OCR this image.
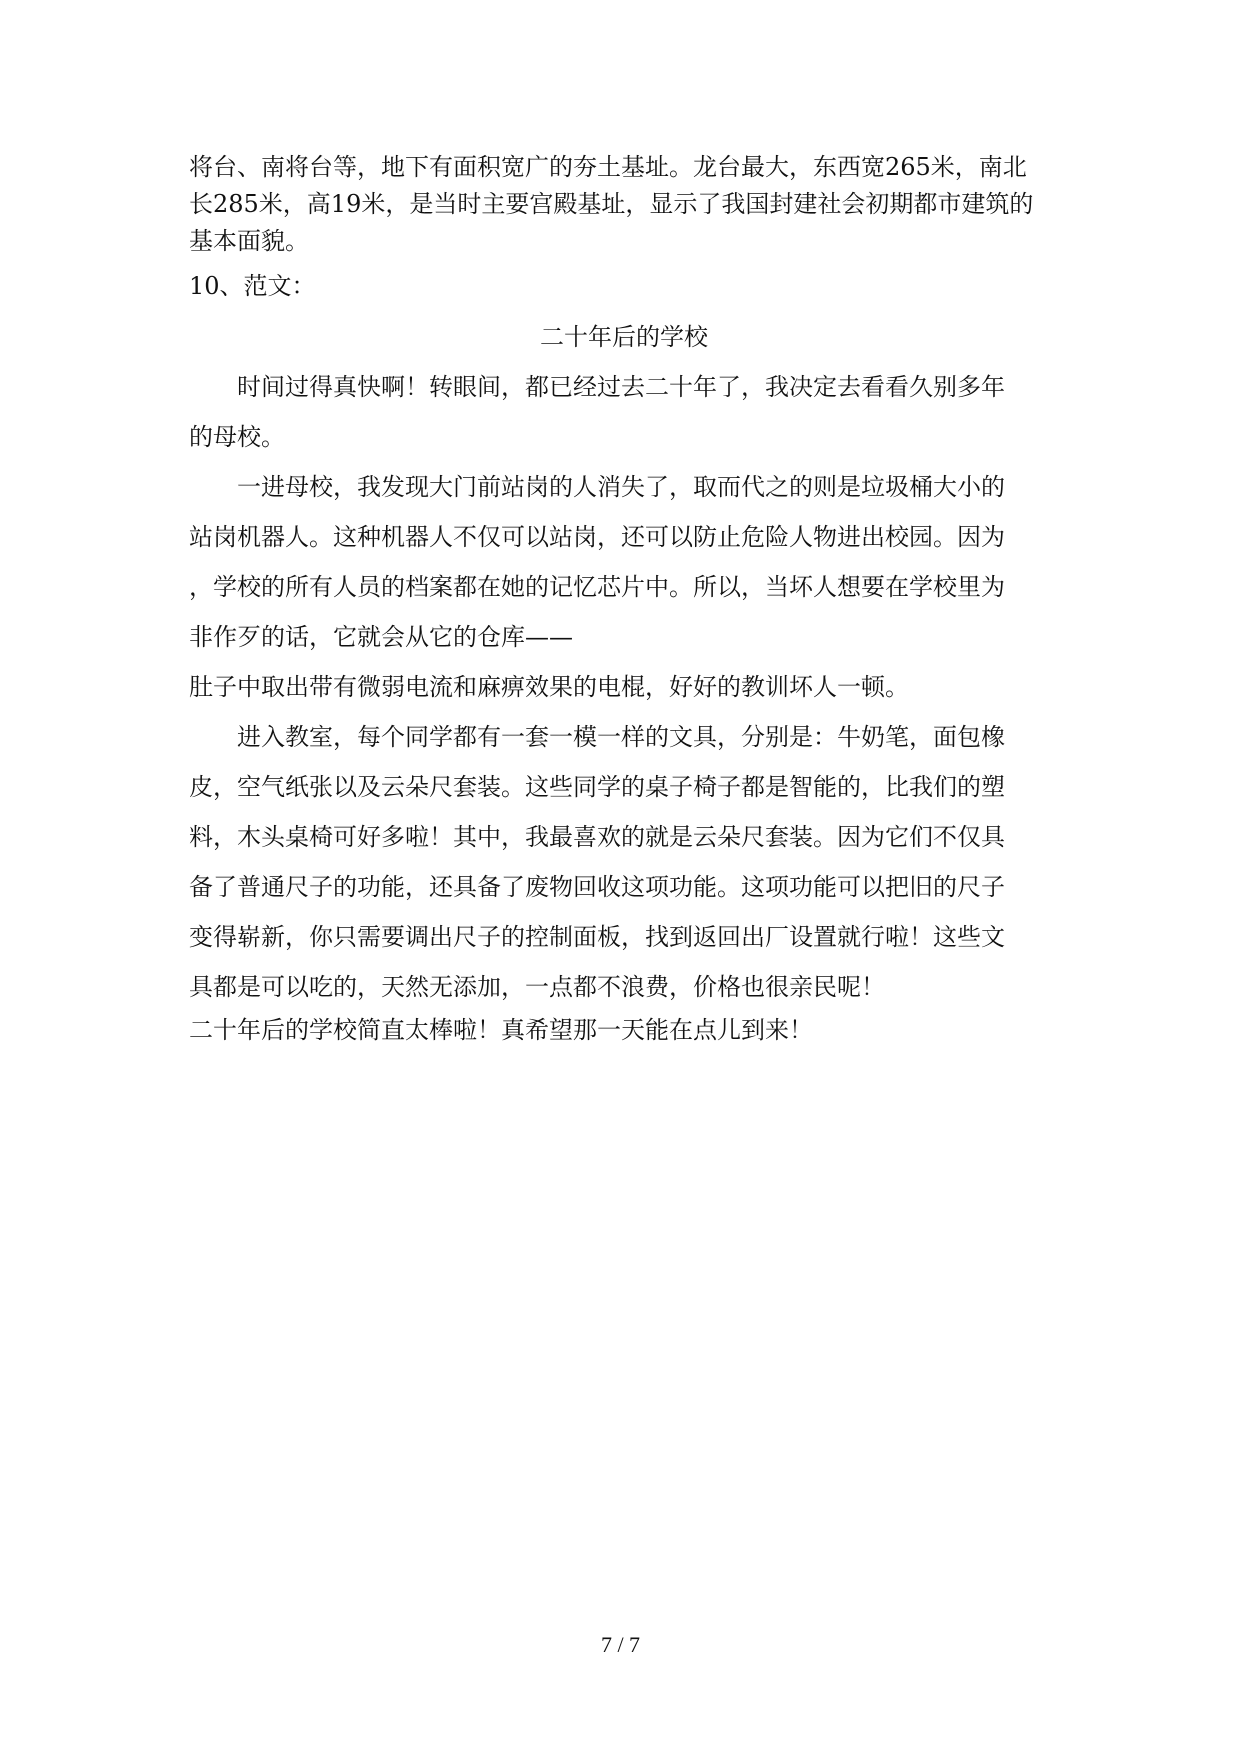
将台、南将台等，地下有面积宽广的夯土基址。龙台最大，东西宽265米，南北
长285米，高19米，是当时主要宫殿基址，显示了我国封建社会初期都市建筑的
基本面貌。

10、范文：

二十年后的学校

时间过得真快啊！转眼间，都已经过去二十年了，我决定去看看久别多年
的母校。

一进母校，我发现大门前站岗的人消失了，取而代之的则是垃圾桶大小的
站岗机器人。这种机器人不仅可以站岗，还可以防止危险人物进出校园。因为
，学校的所有人员的档案都在她的记忆芯片中。所以，当坏人想要在学校里为
非作歹的话，它就会从它的仓库——
肚子中取出带有微弱电流和麻痹效果的电棍，好好的教训坏人一顿。

进入教室，每个同学都有一套一模一样的文具，分别是：牛奶笔，面包橡
皮，空气纸张以及云朵尺套装。这些同学的桌子椅子都是智能的，比我们的塑
料，木头桌椅可好多啦！其中，我最喜欢的就是云朵尺套装。因为它们不仅具
备了普通尺子的功能，还具备了废物回收这项功能。这项功能可以把旧的尺子
变得崭新，你只需要调出尺子的控制面板，找到返回出厂设置就行啦！这些文
具都是可以吃的，天然无添加，一点都不浪费，价格也很亲民呢！

二十年后的学校简直太棒啦！真希望那一天能在点儿到来！

7 / 7
